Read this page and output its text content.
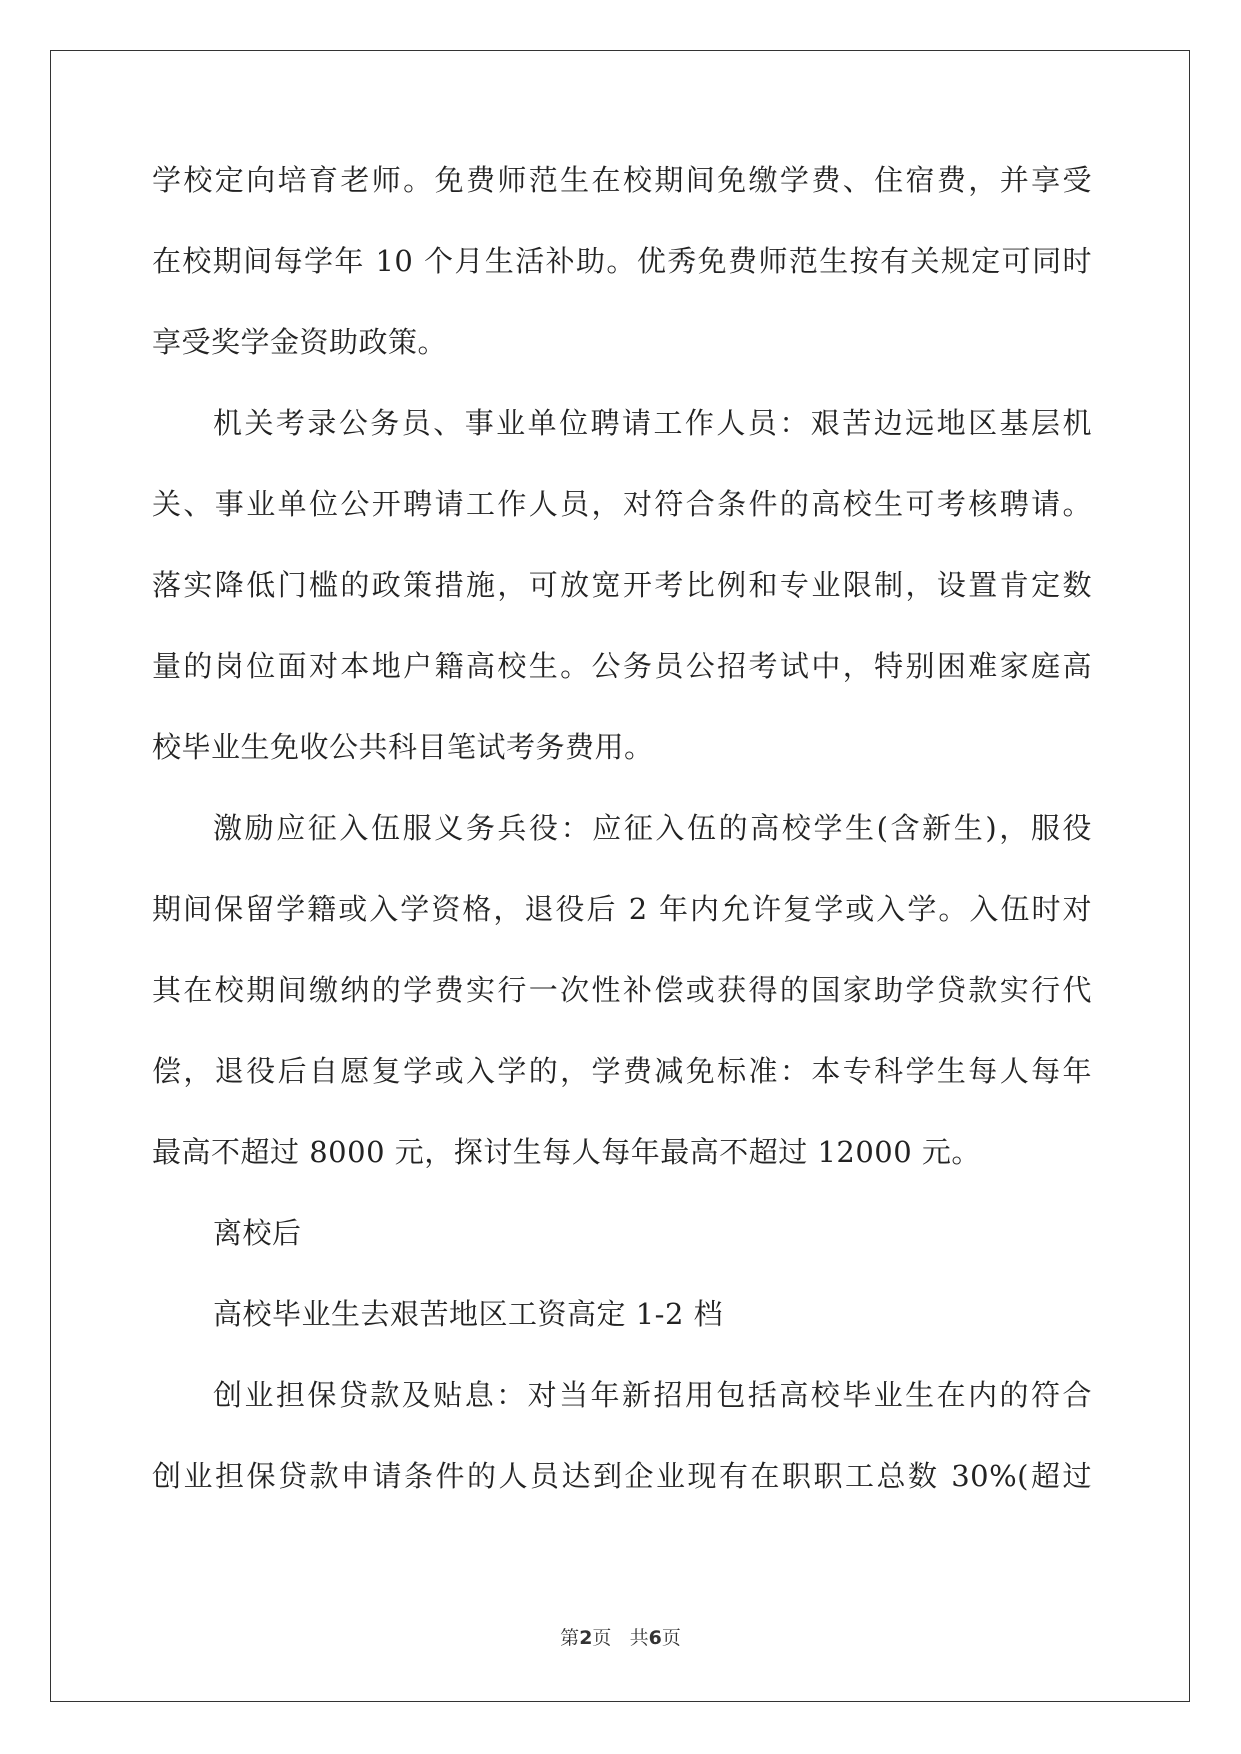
学校定向培育老师。免费师范生在校期间免缴学费、住宿费，并享受
在校期间每学年 10 个月生活补助。优秀免费师范生按有关规定可同时
享受奖学金资助政策。
机关考录公务员、事业单位聘请工作人员：艰苦边远地区基层机
关、事业单位公开聘请工作人员，对符合条件的高校生可考核聘请。
落实降低门槛的政策措施，可放宽开考比例和专业限制，设置肯定数
量的岗位面对本地户籍高校生。公务员公招考试中，特别困难家庭高
校毕业生免收公共科目笔试考务费用。
激励应征入伍服义务兵役：应征入伍的高校学生(含新生)，服役
期间保留学籍或入学资格，退役后 2 年内允许复学或入学。入伍时对
其在校期间缴纳的学费实行一次性补偿或获得的国家助学贷款实行代
偿，退役后自愿复学或入学的，学费减免标准：本专科学生每人每年
最高不超过 8000 元，探讨生每人每年最高不超过 12000 元。
离校后
高校毕业生去艰苦地区工资高定 1-2 档
创业担保贷款及贴息：对当年新招用包括高校毕业生在内的符合
创业担保贷款申请条件的人员达到企业现有在职职工总数 30%(超过
第2页 共6页
